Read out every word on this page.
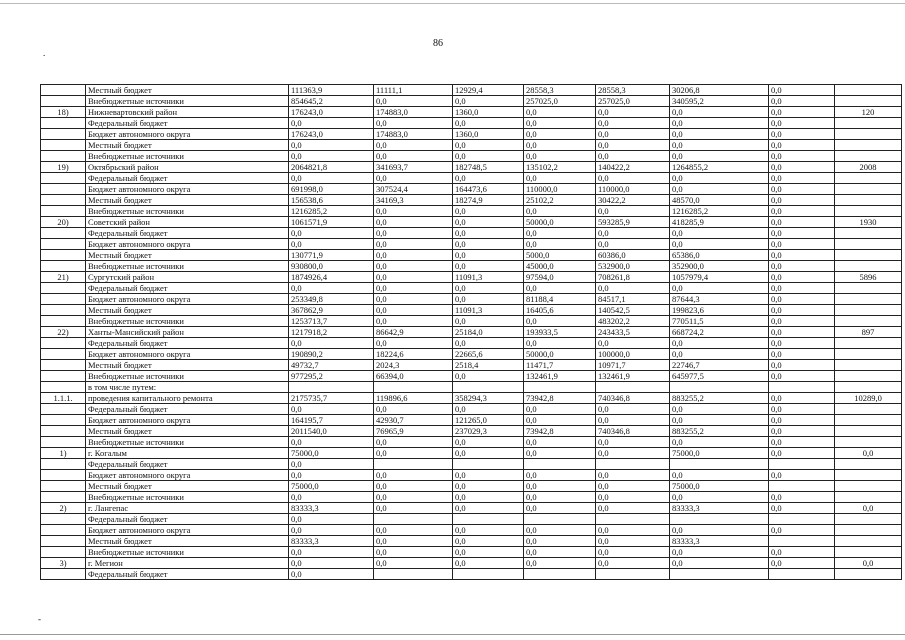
86
.
	Местный бюджет	111363,9	11111,1	12929,4	28558,3	28558,3	30206,8	0,0	
	Внебюджетные источники	854645,2	0,0	0,0	257025,0	257025,0	340595,2	0,0	
18)	Нижневартовский район	176243,0	174883,0	1360,0	0,0	0,0	0,0	0,0	120
	Федеральный бюджет	0,0	0,0	0,0	0,0	0,0	0,0	0,0	
	Бюджет автономного округа	176243,0	174883,0	1360,0	0,0	0,0	0,0	0,0	
	Местный бюджет	0,0	0,0	0,0	0,0	0,0	0,0	0,0	
	Внебюджетные источники	0,0	0,0	0,0	0,0	0,0	0,0	0,0	
19)	Октябрьский район	2064821,8	341693,7	182748,5	135102,2	140422,2	1264855,2	0,0	2008
	Федеральный бюджет	0,0	0,0	0,0	0,0	0,0	0,0	0,0	
	Бюджет автономного округа	691998,0	307524,4	164473,6	110000,0	110000,0	0,0	0,0	
	Местный бюджет	156538,6	34169,3	18274,9	25102,2	30422,2	48570,0	0,0	
	Внебюджетные источники	1216285,2	0,0	0,0	0,0	0,0	1216285,2	0,0	
20)	Советский район	1061571,9	0,0	0,0	50000,0	593285,9	418285,9	0,0	1930
	Федеральный бюджет	0,0	0,0	0,0	0,0	0,0	0,0	0,0	
	Бюджет автономного округа	0,0	0,0	0,0	0,0	0,0	0,0	0,0	
	Местный бюджет	130771,9	0,0	0,0	5000,0	60386,0	65386,0	0,0	
	Внебюджетные источники	930800,0	0,0	0,0	45000,0	532900,0	352900,0	0,0	
21)	Сургутский район	1874926,4	0,0	11091,3	97594,0	708261,8	1057979,4	0,0	5896
	Федеральный бюджет	0,0	0,0	0,0	0,0	0,0	0,0	0,0	
	Бюджет автономного округа	253349,8	0,0	0,0	81188,4	84517,1	87644,3	0,0	
	Местный бюджет	367862,9	0,0	11091,3	16405,6	140542,5	199823,6	0,0	
	Внебюджетные источники	1253713,7	0,0	0,0	0,0	483202,2	770511,5	0,0	
22)	Ханты-Мансийский район	1217918,2	86642,9	25184,0	193933,5	243433,5	668724,2	0,0	897
	Федеральный бюджет	0,0	0,0	0,0	0,0	0,0	0,0	0,0	
	Бюджет автономного округа	190890,2	18224,6	22665,6	50000,0	100000,0	0,0	0,0	
	Местный бюджет	49732,7	2024,3	2518,4	11471,7	10971,7	22746,7	0,0	
	Внебюджетные источники	977295,2	66394,0	0,0	132461,9	132461,9	645977,5	0,0	
	в том числе путем:								
1.1.1.	проведения капитального ремонта	2175735,7	119896,6	358294,3	73942,8	740346,8	883255,2	0,0	10289,0
	Федеральный бюджет	0,0	0,0	0,0	0,0	0,0	0,0	0,0	
	Бюджет автономного округа	164195,7	42930,7	121265,0	0,0	0,0	0,0	0,0	
	Местный бюджет	2011540,0	76965,9	237029,3	73942,8	740346,8	883255,2	0,0	
	Внебюджетные источники	0,0	0,0	0,0	0,0	0,0	0,0	0,0	
1)	г. Когалым	75000,0	0,0	0,0	0,0	0,0	75000,0	0,0	0,0
	Федеральный бюджет	0,0							
	Бюджет автономного округа	0,0	0,0	0,0	0,0	0,0	0,0	0,0	
	Местный бюджет	75000,0	0,0	0,0	0,0	0,0	75000,0		
	Внебюджетные источники	0,0	0,0	0,0	0,0	0,0	0,0	0,0	
2)	г. Лангепас	83333,3	0,0	0,0	0,0	0,0	83333,3	0,0	0,0
	Федеральный бюджет	0,0							
	Бюджет автономного округа	0,0	0,0	0,0	0,0	0,0	0,0	0,0	
	Местный бюджет	83333,3	0,0	0,0	0,0	0,0	83333,3		
	Внебюджетные источники	0,0	0,0	0,0	0,0	0,0	0,0	0,0	
3)	г. Мегион	0,0	0,0	0,0	0,0	0,0	0,0	0,0	0,0
	Федеральный бюджет	0,0							
-
